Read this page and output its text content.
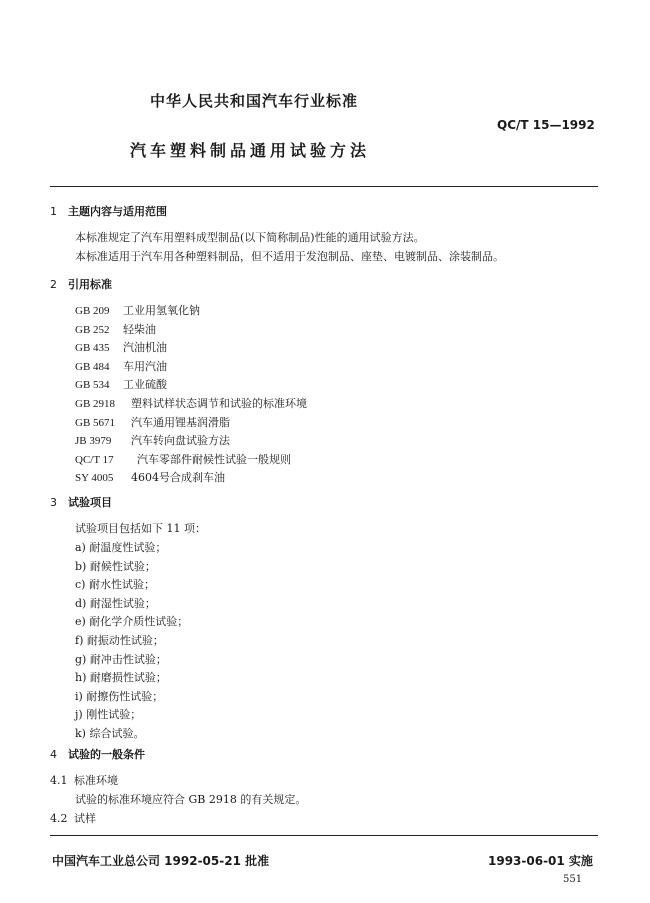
中华人民共和国汽车行业标准
QC/T 15—1992
汽车塑料制品通用试验方法
1 主题内容与适用范围
本标准规定了汽车用塑料成型制品(以下简称制品)性能的通用试验方法。
本标准适用于汽车用各种塑料制品，但不适用于发泡制品、座垫、电镀制品、涂装制品。
2 引用标准
GB 209 工业用氢氧化钠
GB 252 轻柴油
GB 435 汽油机油
GB 484 车用汽油
GB 534 工业硫酸
GB 2918 塑料试样状态调节和试验的标准环境
GB 5671 汽车通用锂基润滑脂
JB 3979 汽车转向盘试验方法
QC/T 17 汽车零部件耐候性试验一般规则
SY 4005 4604号合成刹车油
3 试验项目
试验项目包括如下 11 项：
a) 耐温度性试验；
b) 耐候性试验；
c) 耐水性试验；
d) 耐湿性试验；
e) 耐化学介质性试验；
f) 耐振动性试验；
g) 耐冲击性试验；
h) 耐磨损性试验；
i) 耐擦伤性试验；
j) 刚性试验；
k) 综合试验。
4 试验的一般条件
4.1 标准环境
试验的标准环境应符合 GB 2918 的有关规定。
4.2 试样
中国汽车工业总公司 1992-05-21 批准	1993-06-01 实施
551
